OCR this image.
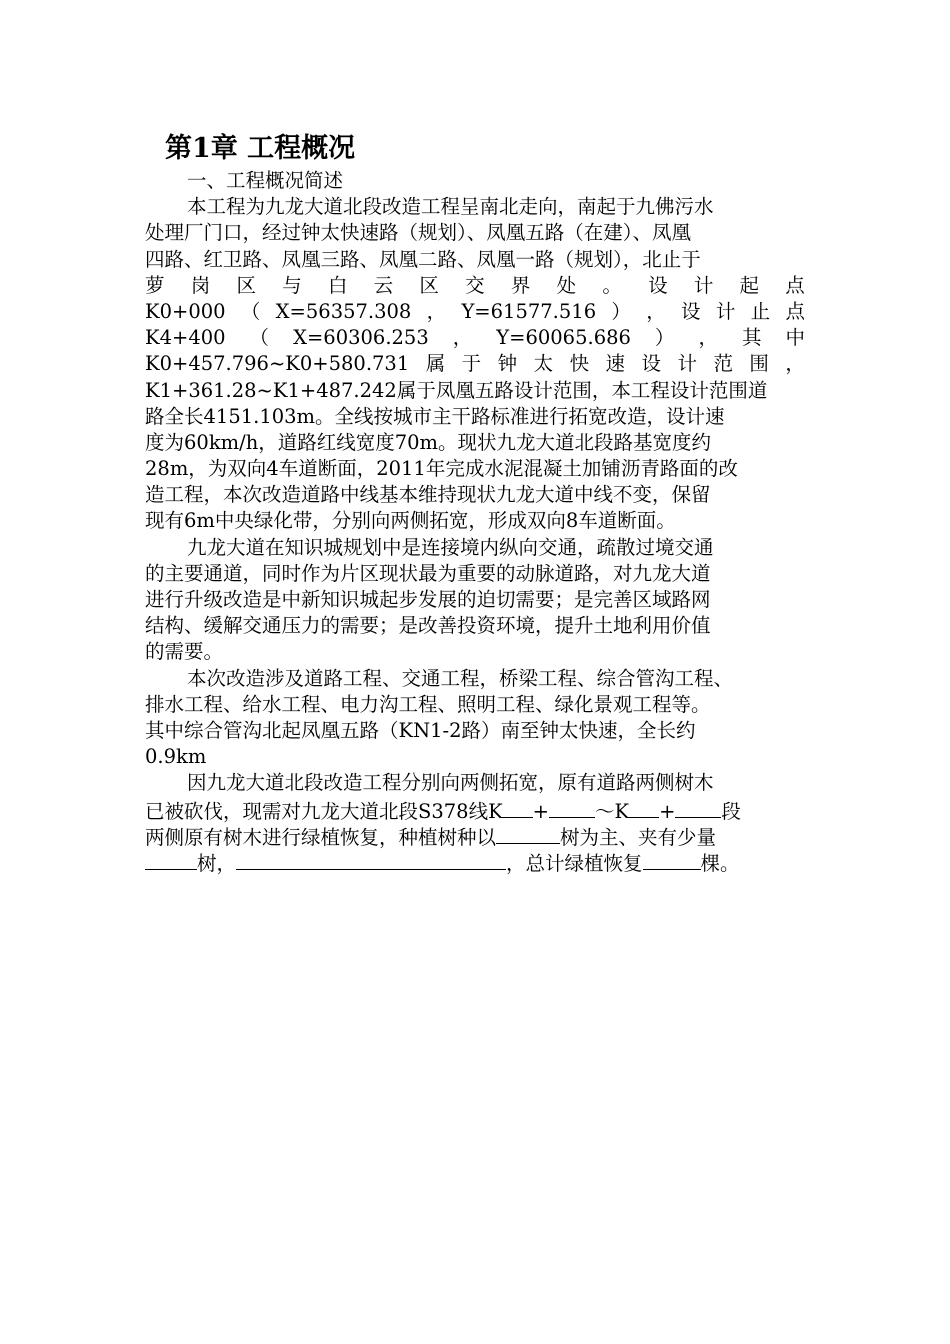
第1章 工程概况
一、工程概况简述
本工程为九龙大道北段改造工程呈南北走向，南起于九佛污水
处理厂门口，经过钟太快速路（规划）、凤凰五路（在建）、凤凰
四路、红卫路、凤凰三路、凤凰二路、凤凰一路（规划），北止于
萝 岗 区 与 白 云 区 交 界 处 。 设 计 起 点
K0+000 （ X=56357.308 ， Y=61577.516 ） ， 设 计 止 点
K4+400 （ X=60306.253 ， Y=60065.686 ） ， 其 中
K0+457.796~K0+580.731 属 于 钟 太 快 速 设 计 范 围 ，
K1+361.28~K1+487.242属于凤凰五路设计范围，本工程设计范围道
路全长4151.103m。全线按城市主干路标准进行拓宽改造，设计速
度为60km/h，道路红线宽度70m。现状九龙大道北段路基宽度约
28m，为双向4车道断面，2011年完成水泥混凝土加铺沥青路面的改
造工程，本次改造道路中线基本维持现状九龙大道中线不变，保留
现有6m中央绿化带，分别向两侧拓宽，形成双向8车道断面。
九龙大道在知识城规划中是连接境内纵向交通，疏散过境交通
的主要通道，同时作为片区现状最为重要的动脉道路，对九龙大道
进行升级改造是中新知识城起步发展的迫切需要；是完善区域路网
结构、缓解交通压力的需要；是改善投资环境，提升土地利用价值
的需要。
本次改造涉及道路工程、交通工程，桥梁工程、综合管沟工程、
排水工程、给水工程、电力沟工程、照明工程、绿化景观工程等。
其中综合管沟北起凤凰五路（KN1-2路）南至钟太快速，全长约
0.9km
因九龙大道北段改造工程分别向两侧拓宽，原有道路两侧树木
已被砍伐，现需对九龙大道北段S378线K + ～K + 段
两侧原有树木进行绿植恢复，种植树种以	树为主、夹有少量
树，	，总计绿植恢复	棵。
